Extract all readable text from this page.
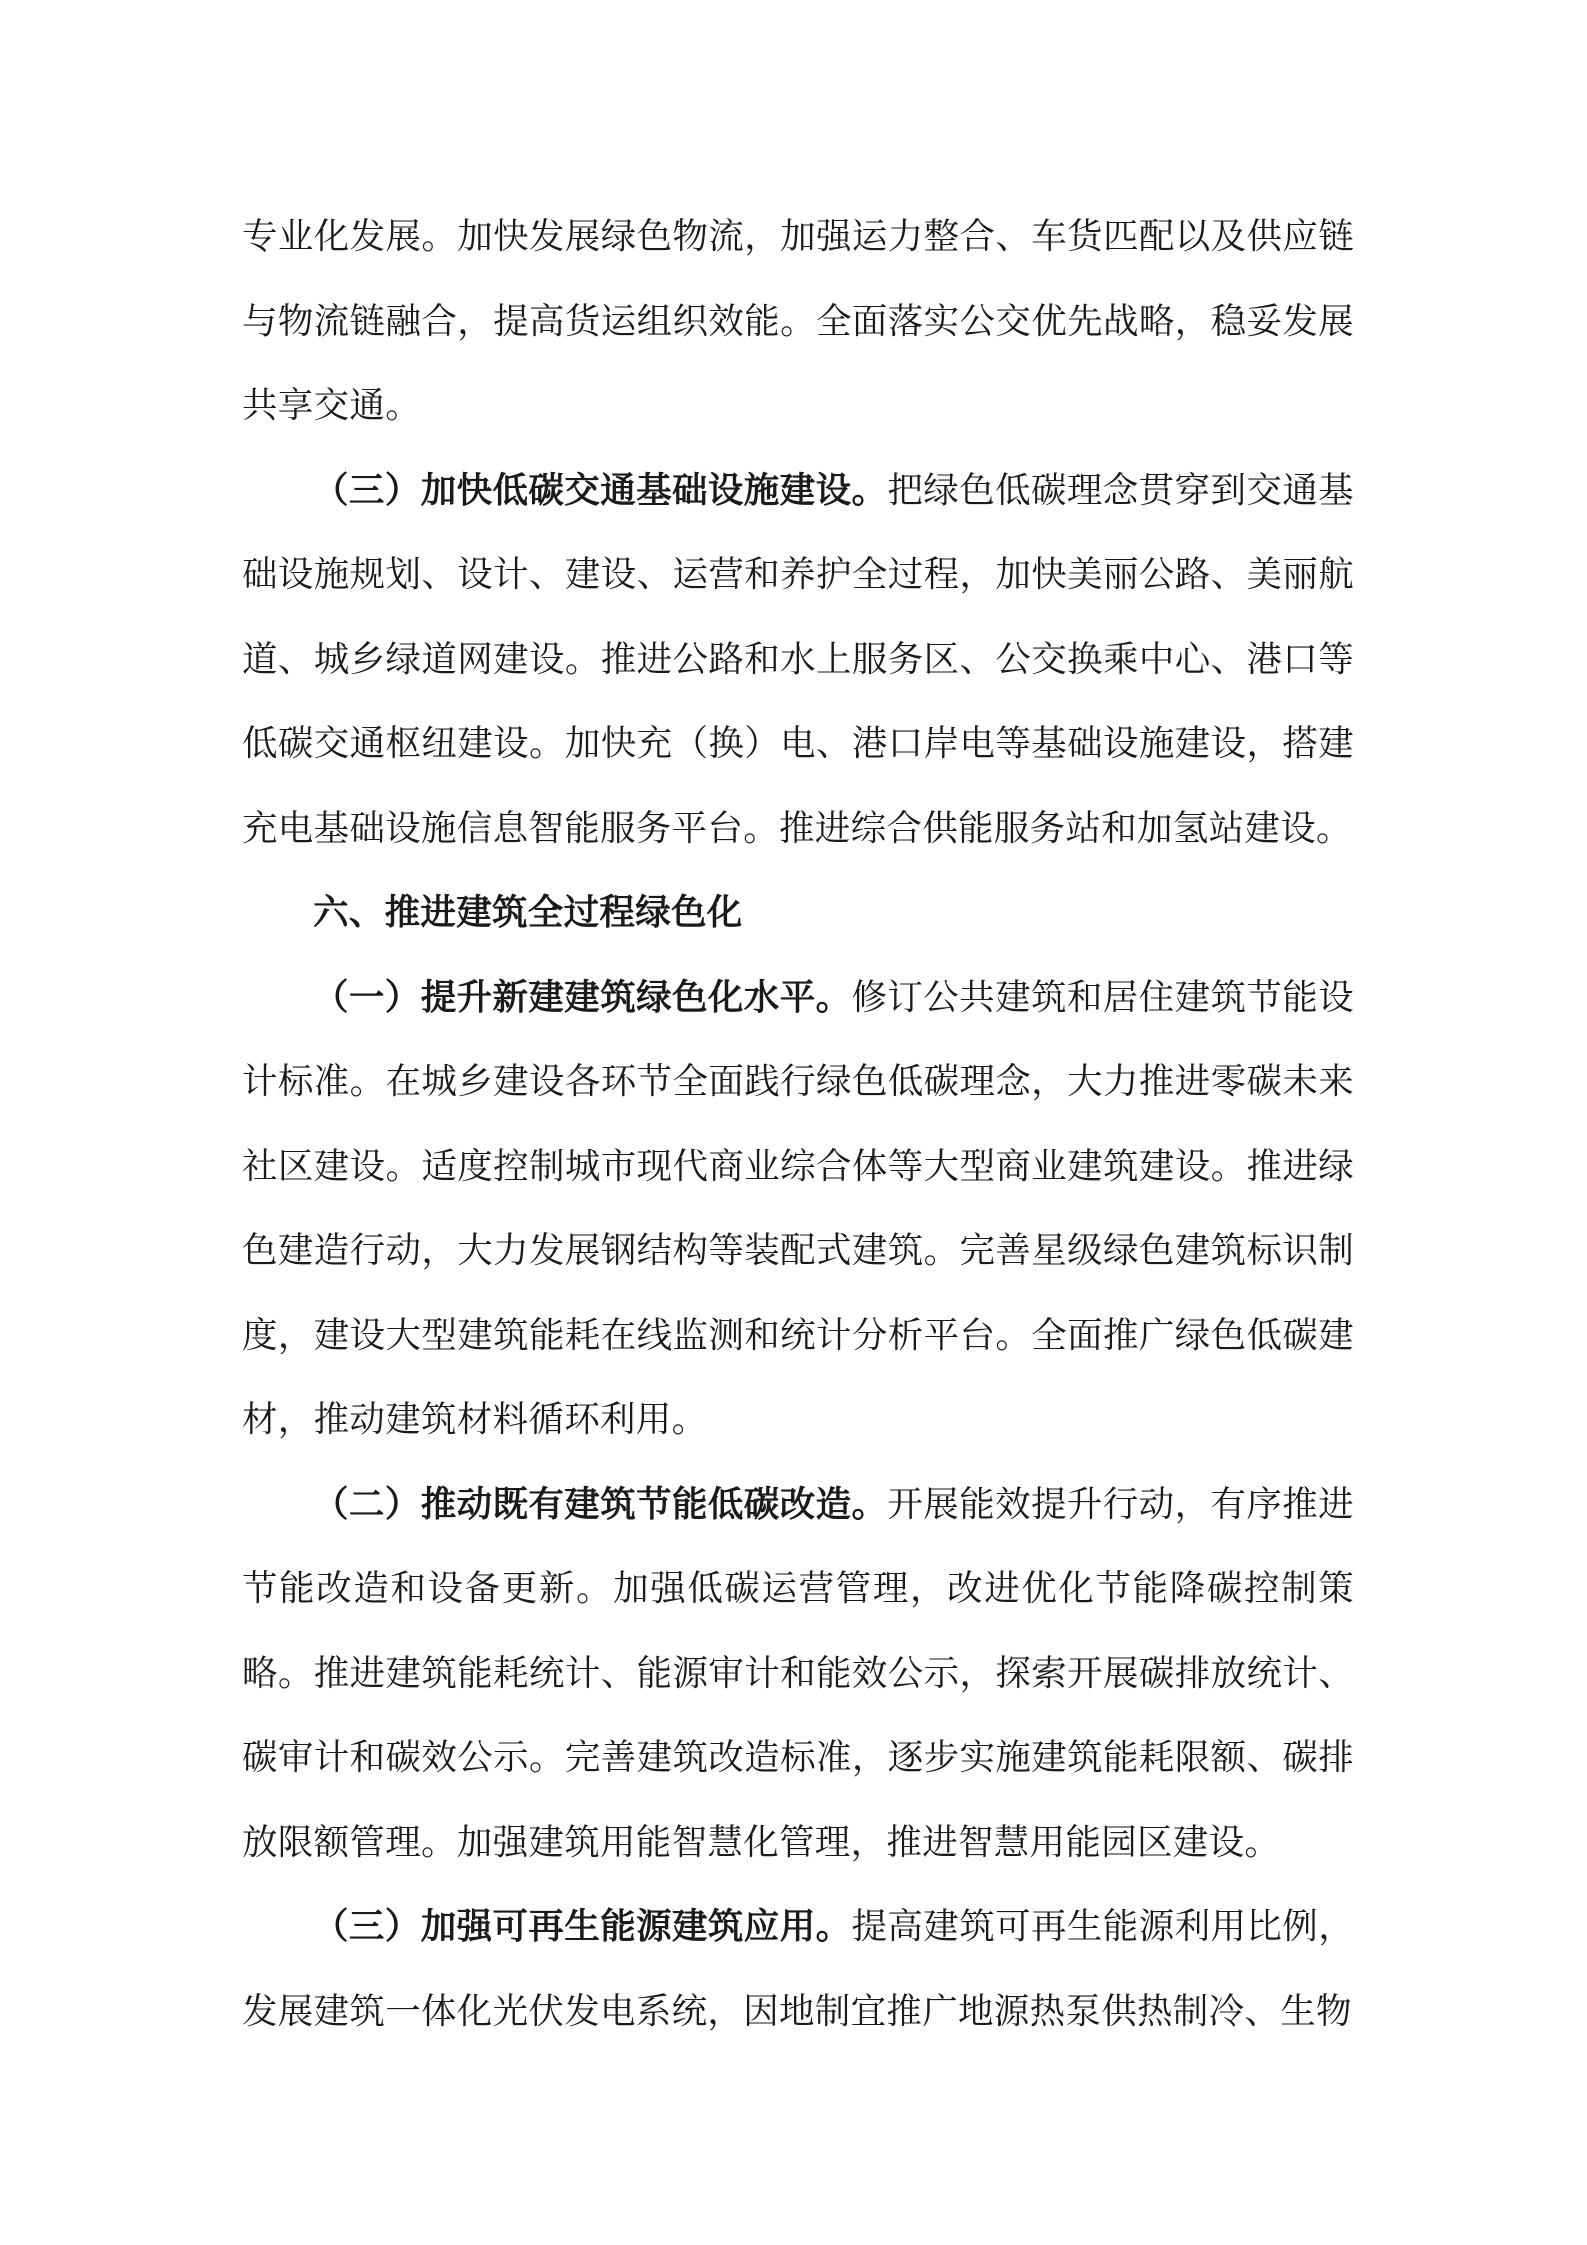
专业化发展。加快发展绿色物流，加强运力整合、车货匹配以及供应链与物流链融合，提高货运组织效能。全面落实公交优先战略，稳妥发展共享交通。

（三）加快低碳交通基础设施建设。把绿色低碳理念贯穿到交通基础设施规划、设计、建设、运营和养护全过程，加快美丽公路、美丽航道、城乡绿道网建设。推进公路和水上服务区、公交换乘中心、港口等低碳交通枢纽建设。加快充（换）电、港口岸电等基础设施建设，搭建充电基础设施信息智能服务平台。推进综合供能服务站和加氢站建设。

六、推进建筑全过程绿色化

（一）提升新建建筑绿色化水平。修订公共建筑和居住建筑节能设计标准。在城乡建设各环节全面践行绿色低碳理念，大力推进零碳未来社区建设。适度控制城市现代商业综合体等大型商业建筑建设。推进绿色建造行动，大力发展钢结构等装配式建筑。完善星级绿色建筑标识制度，建设大型建筑能耗在线监测和统计分析平台。全面推广绿色低碳建材，推动建筑材料循环利用。

（二）推动既有建筑节能低碳改造。开展能效提升行动，有序推进节能改造和设备更新。加强低碳运营管理，改进优化节能降碳控制策略。推进建筑能耗统计、能源审计和能效公示，探索开展碳排放统计、碳审计和碳效公示。完善建筑改造标准，逐步实施建筑能耗限额、碳排放限额管理。加强建筑用能智慧化管理，推进智慧用能园区建设。

（三）加强可再生能源建筑应用。提高建筑可再生能源利用比例，发展建筑一体化光伏发电系统，因地制宜推广地源热泵供热制冷、生物
